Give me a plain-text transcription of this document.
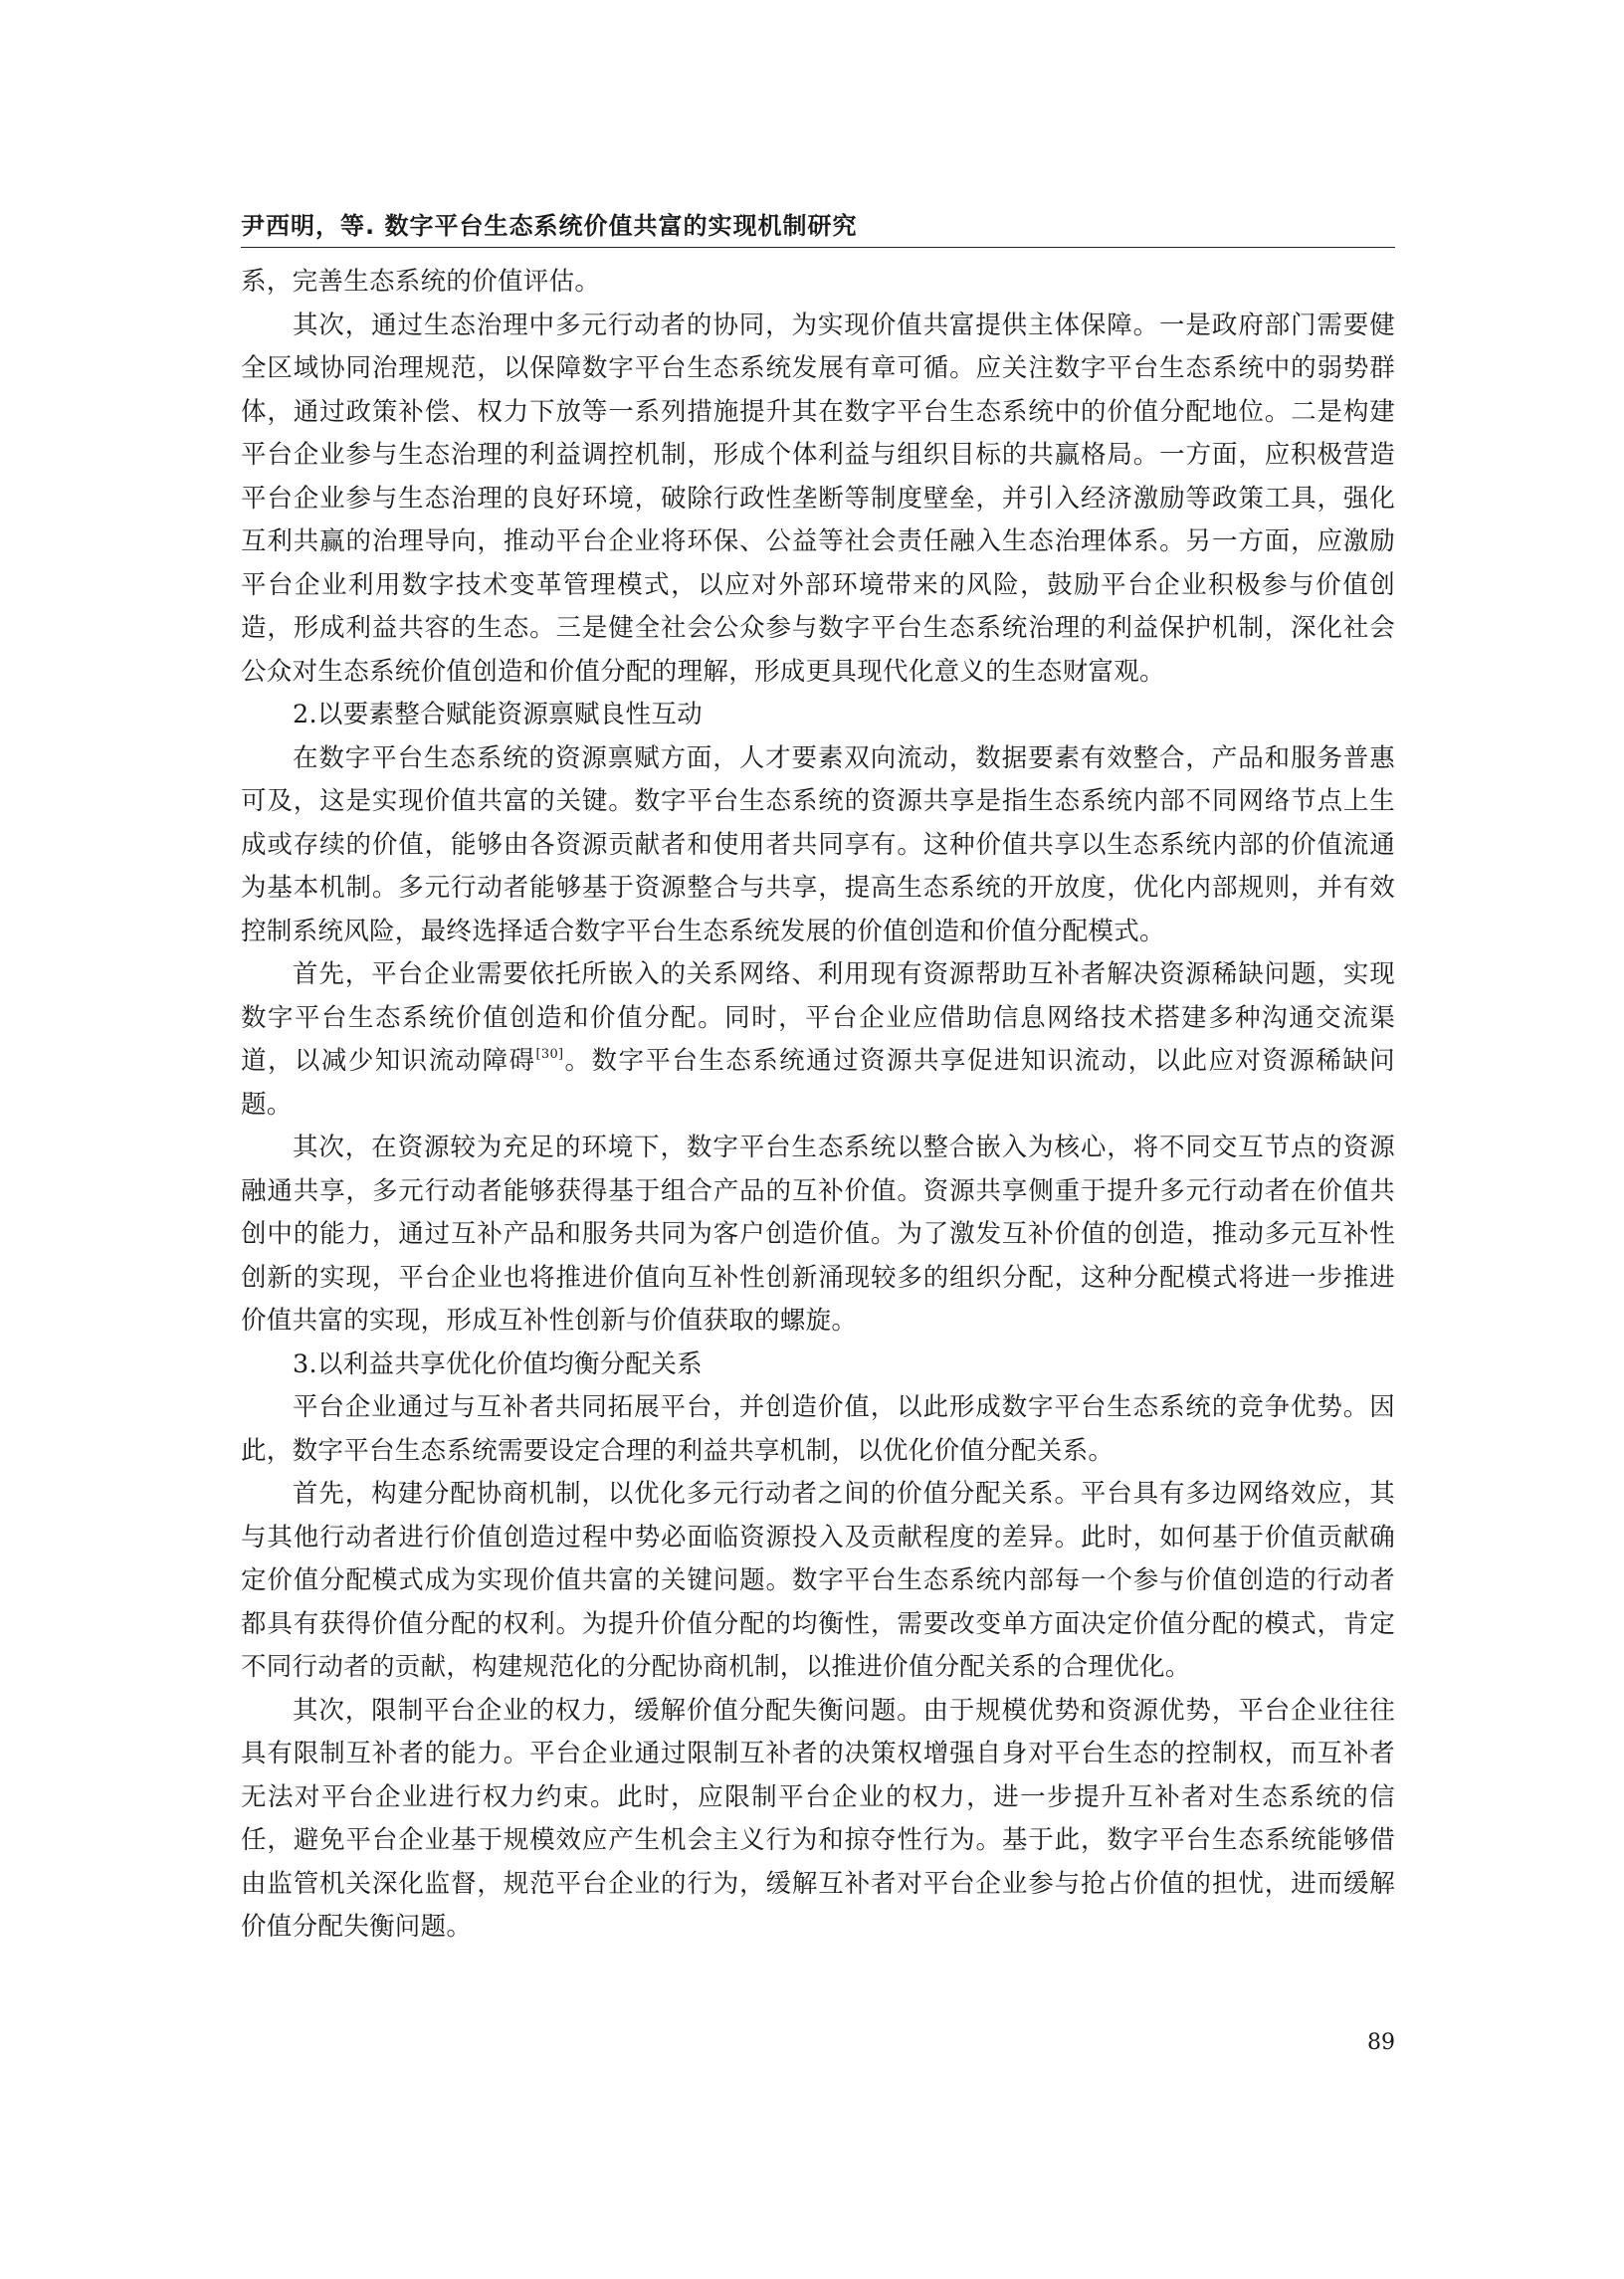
尹西明，等. 数字平台生态系统价值共富的实现机制研究

系，完善生态系统的价值评估。

其次，通过生态治理中多元行动者的协同，为实现价值共富提供主体保障。一是政府部门需要健全区域协同治理规范，以保障数字平台生态系统发展有章可循。应关注数字平台生态系统中的弱势群体，通过政策补偿、权力下放等一系列措施提升其在数字平台生态系统中的价值分配地位。二是构建平台企业参与生态治理的利益调控机制，形成个体利益与组织目标的共赢格局。一方面，应积极营造平台企业参与生态治理的良好环境，破除行政性垄断等制度壁垒，并引入经济激励等政策工具，强化互利共赢的治理导向，推动平台企业将环保、公益等社会责任融入生态治理体系。另一方面，应激励平台企业利用数字技术变革管理模式，以应对外部环境带来的风险，鼓励平台企业积极参与价值创造，形成利益共容的生态。三是健全社会公众参与数字平台生态系统治理的利益保护机制，深化社会公众对生态系统价值创造和价值分配的理解，形成更具现代化意义的生态财富观。

2.以要素整合赋能资源禀赋良性互动

在数字平台生态系统的资源禀赋方面，人才要素双向流动，数据要素有效整合，产品和服务普惠可及，这是实现价值共富的关键。数字平台生态系统的资源共享是指生态系统内部不同网络节点上生成或存续的价值，能够由各资源贡献者和使用者共同享有。这种价值共享以生态系统内部的价值流通为基本机制。多元行动者能够基于资源整合与共享，提高生态系统的开放度，优化内部规则，并有效控制系统风险，最终选择适合数字平台生态系统发展的价值创造和价值分配模式。

首先，平台企业需要依托所嵌入的关系网络、利用现有资源帮助互补者解决资源稀缺问题，实现数字平台生态系统价值创造和价值分配。同时，平台企业应借助信息网络技术搭建多种沟通交流渠道，以减少知识流动障碍[30]。数字平台生态系统通过资源共享促进知识流动，以此应对资源稀缺问题。

其次，在资源较为充足的环境下，数字平台生态系统以整合嵌入为核心，将不同交互节点的资源融通共享，多元行动者能够获得基于组合产品的互补价值。资源共享侧重于提升多元行动者在价值共创中的能力，通过互补产品和服务共同为客户创造价值。为了激发互补价值的创造，推动多元互补性创新的实现，平台企业也将推进价值向互补性创新涌现较多的组织分配，这种分配模式将进一步推进价值共富的实现，形成互补性创新与价值获取的螺旋。

3.以利益共享优化价值均衡分配关系

平台企业通过与互补者共同拓展平台，并创造价值，以此形成数字平台生态系统的竞争优势。因此，数字平台生态系统需要设定合理的利益共享机制，以优化价值分配关系。

首先，构建分配协商机制，以优化多元行动者之间的价值分配关系。平台具有多边网络效应，其与其他行动者进行价值创造过程中势必面临资源投入及贡献程度的差异。此时，如何基于价值贡献确定价值分配模式成为实现价值共富的关键问题。数字平台生态系统内部每一个参与价值创造的行动者都具有获得价值分配的权利。为提升价值分配的均衡性，需要改变单方面决定价值分配的模式，肯定不同行动者的贡献，构建规范化的分配协商机制，以推进价值分配关系的合理优化。

其次，限制平台企业的权力，缓解价值分配失衡问题。由于规模优势和资源优势，平台企业往往具有限制互补者的能力。平台企业通过限制互补者的决策权增强自身对平台生态的控制权，而互补者无法对平台企业进行权力约束。此时，应限制平台企业的权力，进一步提升互补者对生态系统的信任，避免平台企业基于规模效应产生机会主义行为和掠夺性行为。基于此，数字平台生态系统能够借由监管机关深化监督，规范平台企业的行为，缓解互补者对平台企业参与抢占价值的担忧，进而缓解价值分配失衡问题。

89
